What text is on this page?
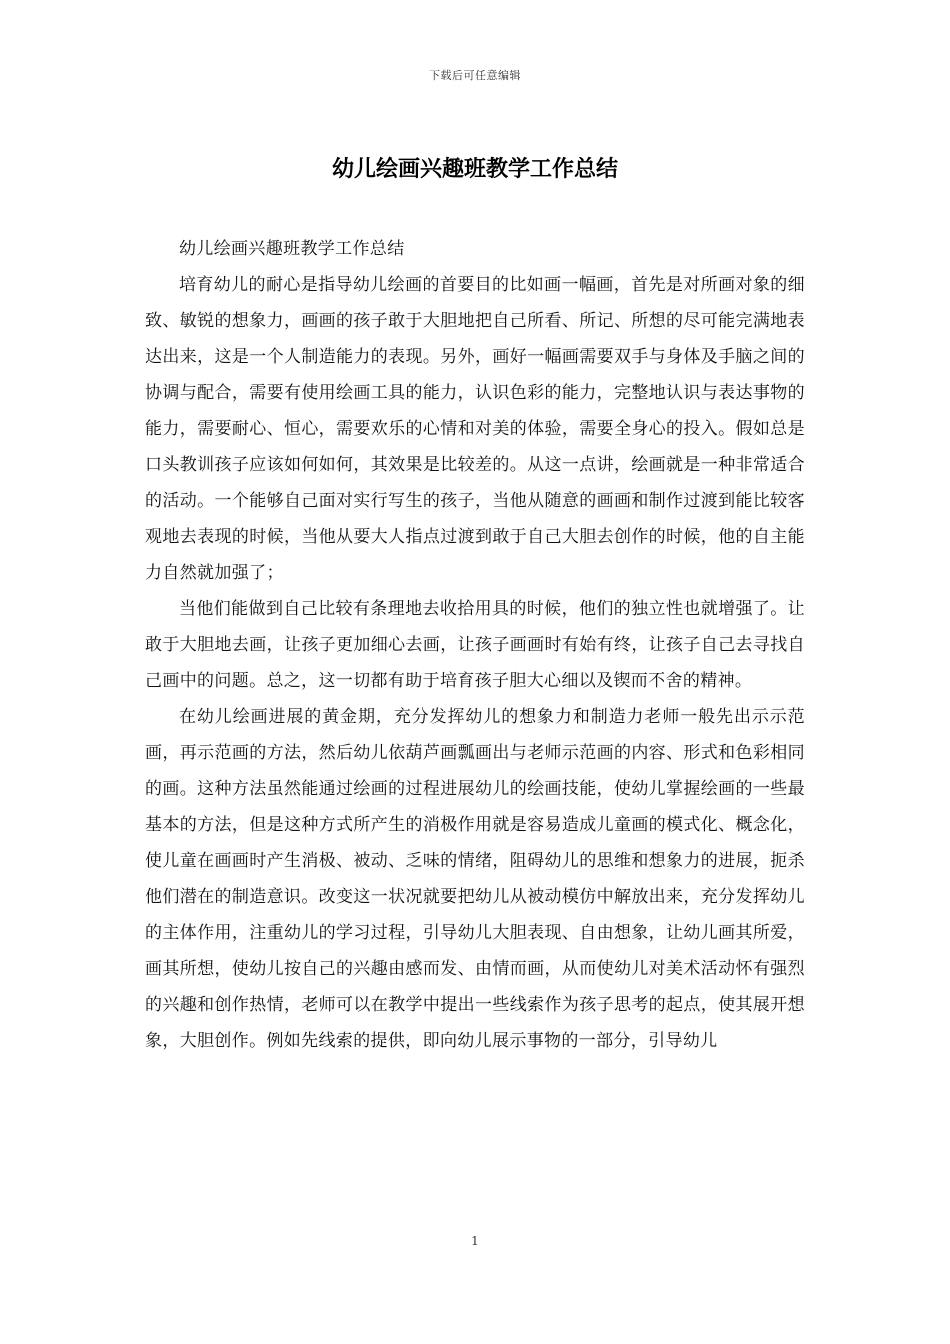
下载后可任意编辑
幼儿绘画兴趣班教学工作总结

幼儿绘画兴趣班教学工作总结

培育幼儿的耐心是指导幼儿绘画的首要目的比如画一幅画，首先是对所画对象的细致、敏锐的想象力，画画的孩子敢于大胆地把自己所看、所记、所想的尽可能完满地表达出来，这是一个人制造能力的表现。另外，画好一幅画需要双手与身体及手脑之间的协调与配合，需要有使用绘画工具的能力，认识色彩的能力，完整地认识与表达事物的能力，需要耐心、恒心，需要欢乐的心情和对美的体验，需要全身心的投入。假如总是口头教训孩子应该如何如何，其效果是比较差的。从这一点讲，绘画就是一种非常适合的活动。一个能够自己面对实行写生的孩子，当他从随意的画画和制作过渡到能比较客观地去表现的时候，当他从要大人指点过渡到敢于自己大胆去创作的时候，他的自主能力自然就加强了；

当他们能做到自己比较有条理地去收拾用具的时候，他们的独立性也就增强了。让敢于大胆地去画，让孩子更加细心去画，让孩子画画时有始有终，让孩子自己去寻找自己画中的问题。总之，这一切都有助于培育孩子胆大心细以及锲而不舍的精神。

在幼儿绘画进展的黄金期，充分发挥幼儿的想象力和制造力老师一般先出示示范画，再示范画的方法，然后幼儿依葫芦画瓢画出与老师示范画的内容、形式和色彩相同的画。这种方法虽然能通过绘画的过程进展幼儿的绘画技能，使幼儿掌握绘画的一些最基本的方法，但是这种方式所产生的消极作用就是容易造成儿童画的模式化、概念化，使儿童在画画时产生消极、被动、乏味的情绪，阻碍幼儿的思维和想象力的进展，扼杀他们潜在的制造意识。改变这一状况就要把幼儿从被动模仿中解放出来，充分发挥幼儿的主体作用，注重幼儿的学习过程，引导幼儿大胆表现、自由想象，让幼儿画其所爱，画其所想，使幼儿按自己的兴趣由感而发、由情而画，从而使幼儿对美术活动怀有强烈的兴趣和创作热情，老师可以在教学中提出一些线索作为孩子思考的起点，使其展开想象，大胆创作。例如先线索的提供，即向幼儿展示事物的一部分，引导幼儿

1
